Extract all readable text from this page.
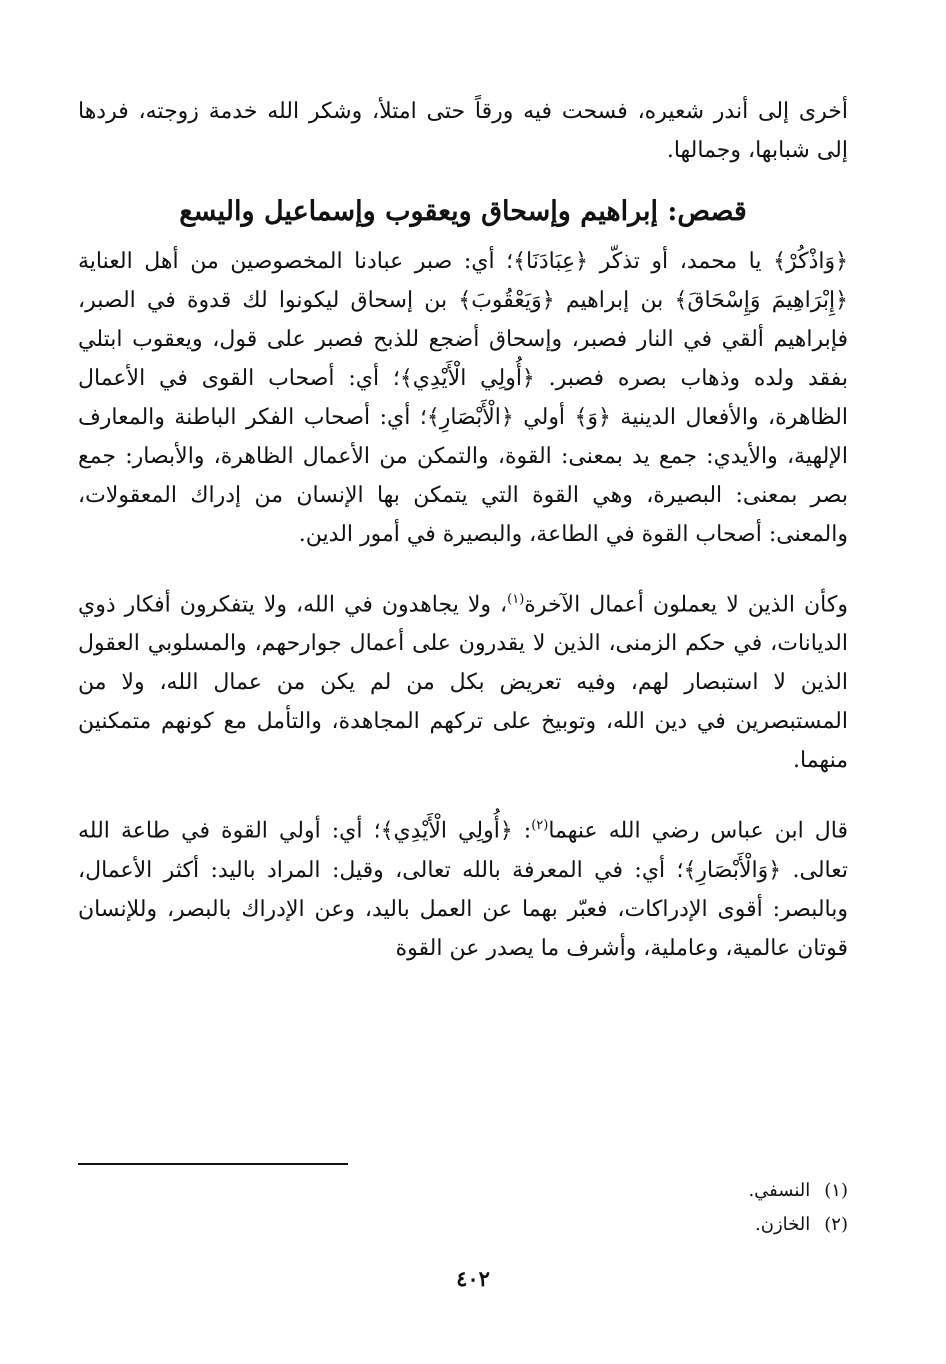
أخرى إلى أندر شعيره، فسحت فيه ورقاً حتى امتلأ، وشكر الله خدمة زوجته، فردها إلى شبابها، وجمالها.

قصص: إبراهيم وإسحاق ويعقوب وإسماعيل واليسع

﴿وَاذْكُرْ﴾ يا محمد، أو تذكّر ﴿عِبَادَنَا﴾؛ أي: صبر عبادنا المخصوصين من أهل العناية ﴿إِبْرَاهِيمَ وَإِسْحَاقَ﴾ بن إبراهيم ﴿وَيَعْقُوبَ﴾ بن إسحاق ليكونوا لك قدوة في الصبر، فإبراهيم ألقي في النار فصبر، وإسحاق أضجع للذبح فصبر على قول، ويعقوب ابتلي بفقد ولده وذهاب بصره فصبر. ﴿أُولِي الْأَيْدِي﴾؛ أي: أصحاب القوى في الأعمال الظاهرة، والأفعال الدينية ﴿وَ﴾ أولي ﴿الْأَبْصَارِ﴾؛ أي: أصحاب الفكر الباطنة والمعارف الإلهية، والأيدي: جمع يد بمعنى: القوة، والتمكن من الأعمال الظاهرة، والأبصار: جمع بصر بمعنى: البصيرة، وهي القوة التي يتمكن بها الإنسان من إدراك المعقولات، والمعنى: أصحاب القوة في الطاعة، والبصيرة في أمور الدين.

وكأن الذين لا يعملون أعمال الآخرة$^{(١)}$، ولا يجاهدون في الله، ولا يتفكرون أفكار ذوي الديانات، في حكم الزمنى، الذين لا يقدرون على أعمال جوارحهم، والمسلوبي العقول الذين لا استبصار لهم، وفيه تعريض بكل من لم يكن من عمال الله، ولا من المستبصرين في دين الله، وتوبيخ على تركهم المجاهدة، والتأمل مع كونهم متمكنين منهما.

قال ابن عباس رضي الله عنهما$^{(٢)}$: ﴿أُولِي الْأَيْدِي﴾؛ أي: أولي القوة في طاعة الله تعالى. ﴿وَالْأَبْصَارِ﴾؛ أي: في المعرفة بالله تعالى، وقيل: المراد باليد: أكثر الأعمال، وبالبصر: أقوى الإدراكات، فعبّر بهما عن العمل باليد، وعن الإدراك بالبصر، وللإنسان قوتان عالمية، وعاملية، وأشرف ما يصدر عن القوة

(١)النسفي.
(٢)الخازن.
٤٠٢
